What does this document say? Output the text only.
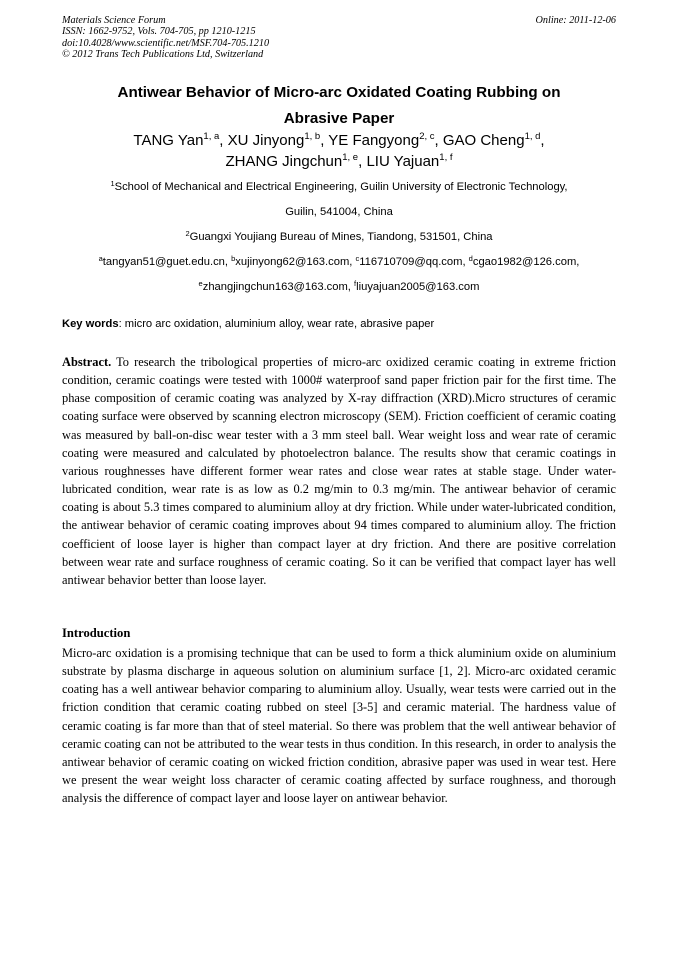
Materials Science Forum
ISSN: 1662-9752, Vols. 704-705, pp 1210-1215
doi:10.4028/www.scientific.net/MSF.704-705.1210
© 2012 Trans Tech Publications Ltd, Switzerland
Online: 2011-12-06
Antiwear Behavior of Micro-arc Oxidated Coating Rubbing on
Abrasive Paper
TANG Yan$^{1, a}$, XU Jinyong$^{1, b}$, YE Fangyong$^{2, c}$, GAO Cheng$^{1, d}$,
ZHANG Jingchun$^{1, e}$, LIU Yajuan$^{1, f}$
$^1$School of Mechanical and Electrical Engineering, Guilin University of Electronic Technology,
Guilin, 541004, China
$^2$Guangxi Youjiang Bureau of Mines, Tiandong, 531501, China
$^a$tangyan51@guet.edu.cn, $^b$xujinyong62@163.com, $^c$116710709@qq.com, $^d$cgao1982@126.com,
$^e$zhangjingchun163@163.com, $^f$liuyajuan2005@163.com
Key words: micro arc oxidation, aluminium alloy, wear rate, abrasive paper
Abstract. To research the tribological properties of micro-arc oxidized ceramic coating in extreme friction condition, ceramic coatings were tested with 1000# waterproof sand paper friction pair for the first time. The phase composition of ceramic coating was analyzed by X-ray diffraction (XRD).Micro structures of ceramic coating surface were observed by scanning electron microscopy (SEM). Friction coefficient of ceramic coating was measured by ball-on-disc wear tester with a 3 mm steel ball. Wear weight loss and wear rate of ceramic coating were measured and calculated by photoelectron balance. The results show that ceramic coatings in various roughnesses have different former wear rates and close wear rates at stable stage. Under water-lubricated condition, wear rate is as low as 0.2 mg/min to 0.3 mg/min. The antiwear behavior of ceramic coating is about 5.3 times compared to aluminium alloy at dry friction. While under water-lubricated condition, the antiwear behavior of ceramic coating improves about 94 times compared to aluminium alloy. The friction coefficient of loose layer is higher than compact layer at dry friction. And there are positive correlation between wear rate and surface roughness of ceramic coating. So it can be verified that compact layer has well antiwear behavior better than loose layer.
Introduction
Micro-arc oxidation is a promising technique that can be used to form a thick aluminium oxide on aluminium substrate by plasma discharge in aqueous solution on aluminium surface [1, 2]. Micro-arc oxidated ceramic coating has a well antiwear behavior comparing to aluminium alloy. Usually, wear tests were carried out in the friction condition that ceramic coating rubbed on steel [3-5] and ceramic material. The hardness value of ceramic coating is far more than that of steel material. So there was problem that the well antiwear behavior of ceramic coating can not be attributed to the wear tests in thus condition. In this research, in order to analysis the antiwear behavior of ceramic coating on wicked friction condition, abrasive paper was used in wear test. Here we present the wear weight loss character of ceramic coating affected by surface roughness, and thorough analysis the difference of compact layer and loose layer on antiwear behavior.
